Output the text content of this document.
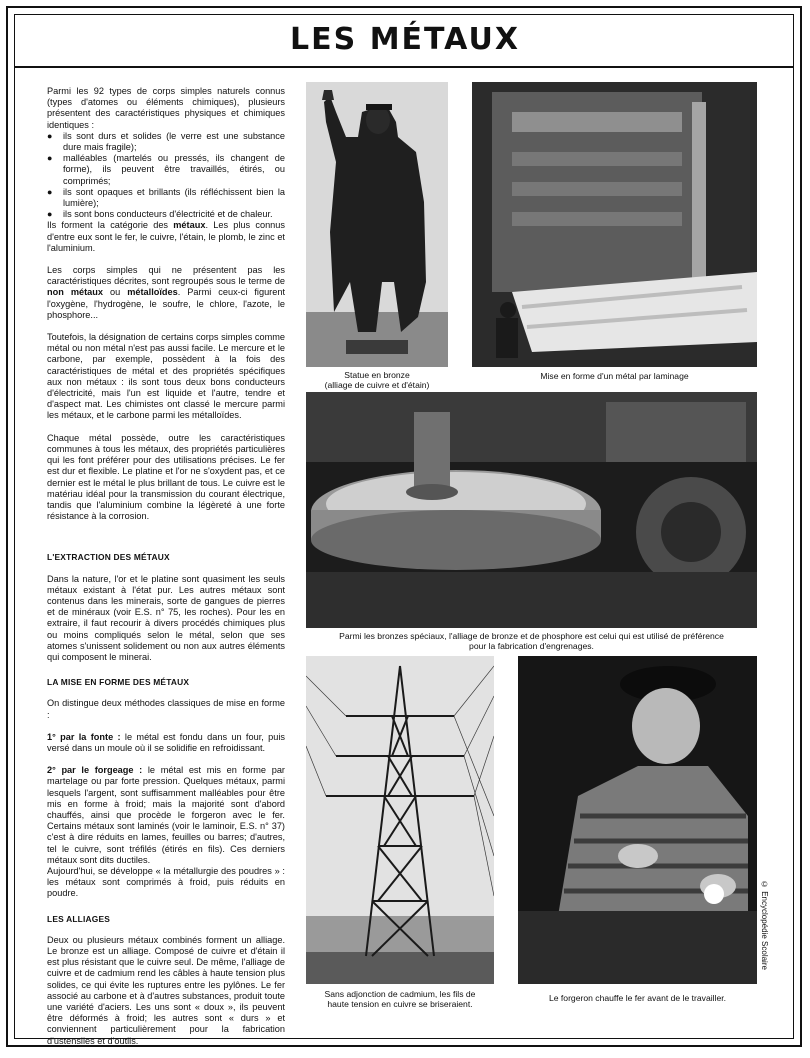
LES MÉTAUX

Parmi les 92 types de corps simples naturels connus (types d'atomes ou éléments chimiques), plusieurs présentent des caractéristiques physiques et chimiques identiques :

● ils sont durs et solides (le verre est une substance dure mais fragile);
● malléables (martelés ou pressés, ils changent de forme), ils peuvent être travaillés, étirés, ou comprimés;
● ils sont opaques et brillants (ils réfléchissent bien la lumière);
● ils sont bons conducteurs d'électricité et de chaleur.

Ils forment la catégorie des métaux. Les plus connus d'entre eux sont le fer, le cuivre, l'étain, le plomb, le zinc et l'aluminium.

Les corps simples qui ne présentent pas les caractéristiques décrites, sont regroupés sous le terme de non métaux ou métalloïdes. Parmi ceux-ci figurent l'oxygène, l'hydrogène, le soufre, le chlore, l'azote, le phosphore...

Toutefois, la désignation de certains corps simples comme métal ou non métal n'est pas aussi facile. Le mercure et le carbone, par exemple, possèdent à la fois des caractéristiques de métal et des propriétés spécifiques aux non métaux : ils sont tous deux bons conducteurs d'électricité, mais l'un est liquide et l'autre, tendre et d'aspect mat. Les chimistes ont classé le mercure parmi les métaux, et le carbone parmi les métalloïdes.

Chaque métal possède, outre les caractéristiques communes à tous les métaux, des propriétés particulières qui les font préférer pour des utilisations précises. Le fer est dur et flexible. Le platine et l'or ne s'oxydent pas, et ce dernier est le métal le plus brillant de tous. Le cuivre est le matériau idéal pour la transmission du courant électrique, tandis que l'aluminium combine la légèreté à une forte résistance à la corrosion.

L'EXTRACTION DES MÉTAUX

Dans la nature, l'or et le platine sont quasiment les seuls métaux existant à l'état pur. Les autres métaux sont contenus dans les minerais, sorte de gangues de pierres et de minéraux (voir E.S. n° 75, les roches). Pour les en extraire, il faut recourir à divers procédés chimiques plus ou moins compliqués selon le métal, selon que ses atomes s'unissent solidement ou non aux autres éléments qui composent le minerai.

LA MISE EN FORME DES MÉTAUX

On distingue deux méthodes classiques de mise en forme :

1° par la fonte : le métal est fondu dans un four, puis versé dans un moule où il se solidifie en refroidissant.

2° par le forgeage : le métal est mis en forme par martelage ou par forte pression. Quelques métaux, parmi lesquels l'argent, sont suffisamment malléables pour être mis en forme à froid; mais la majorité sont d'abord chauffés, ainsi que procède le forgeron avec le fer. Certains métaux sont laminés (voir le laminoir, E.S. n° 37) c'est à dire réduits en lames, feuilles ou barres; d'autres, tel le cuivre, sont tréfilés (étirés en fils). Ces derniers métaux sont dits ductiles.

Aujourd'hui, se développe « la métallurgie des poudres » : les métaux sont comprimés à froid, puis réduits en poudre.

LES ALLIAGES

Deux ou plusieurs métaux combinés forment un alliage. Le bronze est un alliage. Composé de cuivre et d'étain il est plus résistant que le cuivre seul. De même, l'alliage de cuivre et de cadmium rend les câbles à haute tension plus solides, ce qui évite les ruptures entre les pylônes. Le fer associé au carbone et à d'autres substances, produit toute une variété d'aciers. Les uns sont « doux », ils peuvent être déformés à froid; les autres sont « durs » et conviennent particulièrement pour la fabrication d'ustensiles et d'outils.

Statue en bronze
(alliage de cuivre et d'étain)
Mise en forme d'un métal par laminage
Parmi les bronzes spéciaux, l'alliage de bronze et de phosphore est celui qui est utilisé de préférence
pour la fabrication d'engrenages.
Sans adjonction de cadmium, les fils de
haute tension en cuivre se briseraient.
Le forgeron chauffe le fer avant de le travailler.
© Encyclopédie Scolaire
